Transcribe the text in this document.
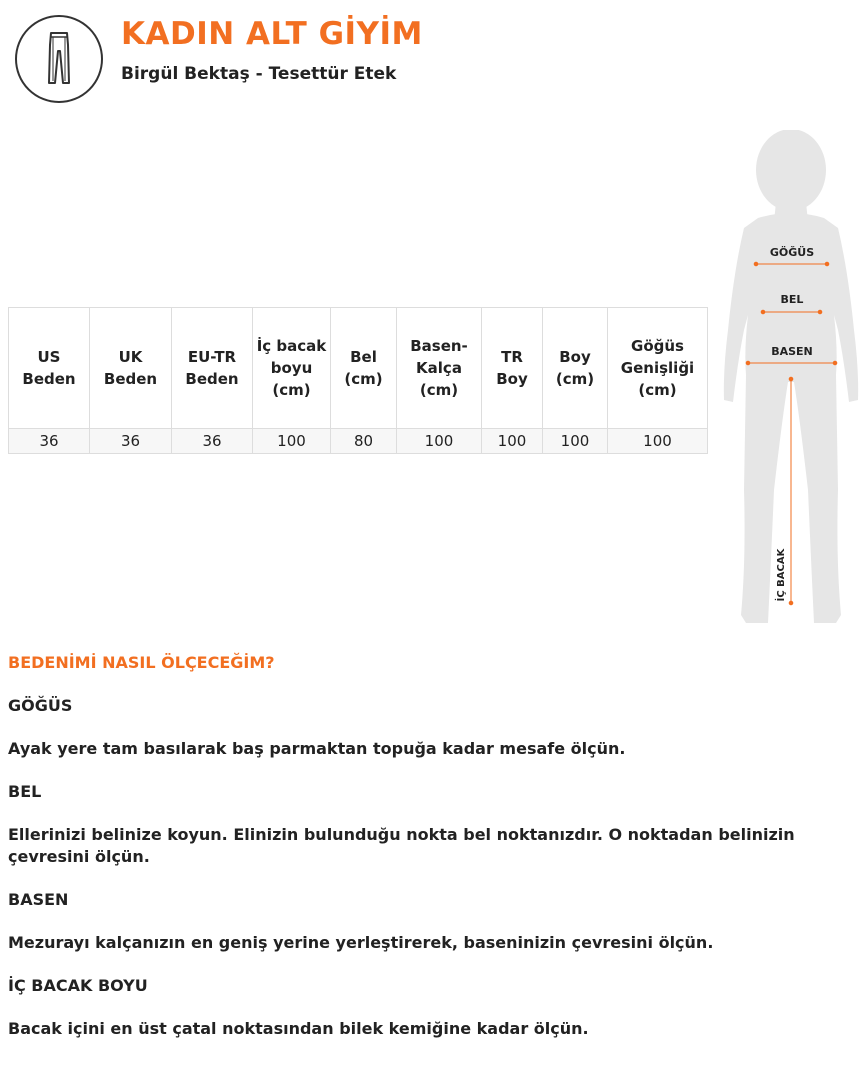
KADIN ALT GİYİM
Birgül Bektaş - Tesettür Etek
US Beden	UK Beden	EU-TR Beden	İç bacak boyu (cm)	Bel (cm)	Basen-Kalça (cm)	TR Boy	Boy (cm)	Göğüs Genişliği (cm)
36	36	36	100	80	100	100	100	100
GÖĞÜS
BEL
BASEN
İÇ BACAK

BEDENİMİ NASIL ÖLÇECEĞİM?

GÖĞÜS

Ayak yere tam basılarak baş parmaktan topuğa kadar mesafe ölçün.

BEL

Ellerinizi belinize koyun. Elinizin bulunduğu nokta bel noktanızdır. O noktadan belinizin çevresini ölçün.

BASEN

Mezurayı kalçanızın en geniş yerine yerleştirerek, baseninizin çevresini ölçün.

İÇ BACAK BOYU

Bacak içini en üst çatal noktasından bilek kemiğine kadar ölçün.
